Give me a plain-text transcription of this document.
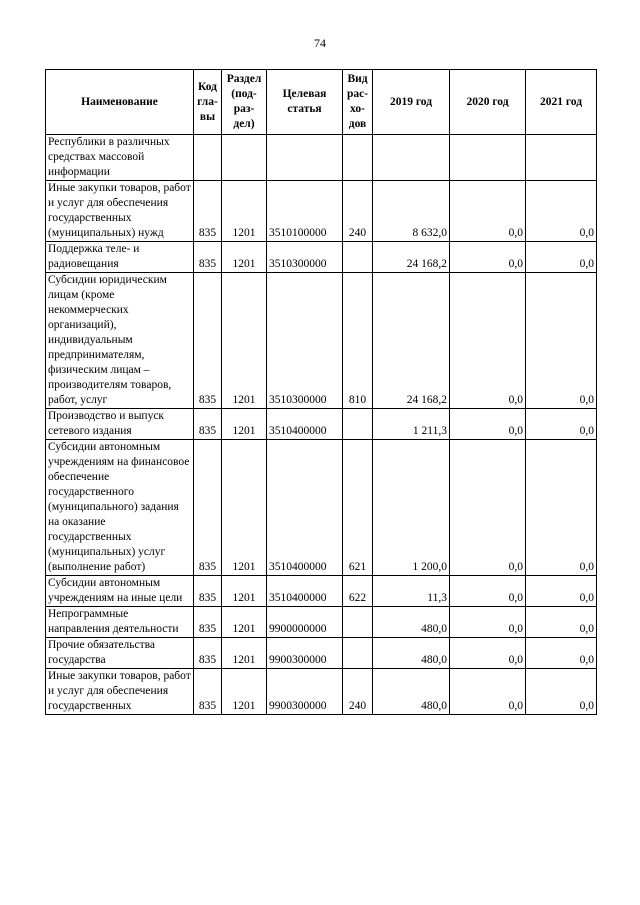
74
Наименование	Код гла- вы	Раздел (под- раз- дел)	Целевая статья	Вид рас- хо- дов	2019 год	2020 год	2021 год
Республики в различных средствах массовой информации							
Иные закупки товаров, работ и услуг для обеспечения государственных (муниципальных) нужд	835	1201	3510100000	240	8 632,0	0,0	0,0
Поддержка теле- и радиовещания	835	1201	3510300000		24 168,2	0,0	0,0
Субсидии юридическим лицам (кроме некоммерческих организаций), индивидуальным предпринимателям, физическим лицам – производителям товаров, работ, услуг	835	1201	3510300000	810	24 168,2	0,0	0,0
Производство и выпуск сетевого издания	835	1201	3510400000		1 211,3	0,0	0,0
Субсидии автономным учреждениям на финансовое обеспечение государственного (муниципального) задания на оказание государственных (муниципальных) услуг (выполнение работ)	835	1201	3510400000	621	1 200,0	0,0	0,0
Субсидии автономным учреждениям на иные цели	835	1201	3510400000	622	11,3	0,0	0,0
Непрограммные направления деятельности	835	1201	9900000000		480,0	0,0	0,0
Прочие обязательства государства	835	1201	9900300000		480,0	0,0	0,0
Иные закупки товаров, работ и услуг для обеспечения государственных	835	1201	9900300000	240	480,0	0,0	0,0
